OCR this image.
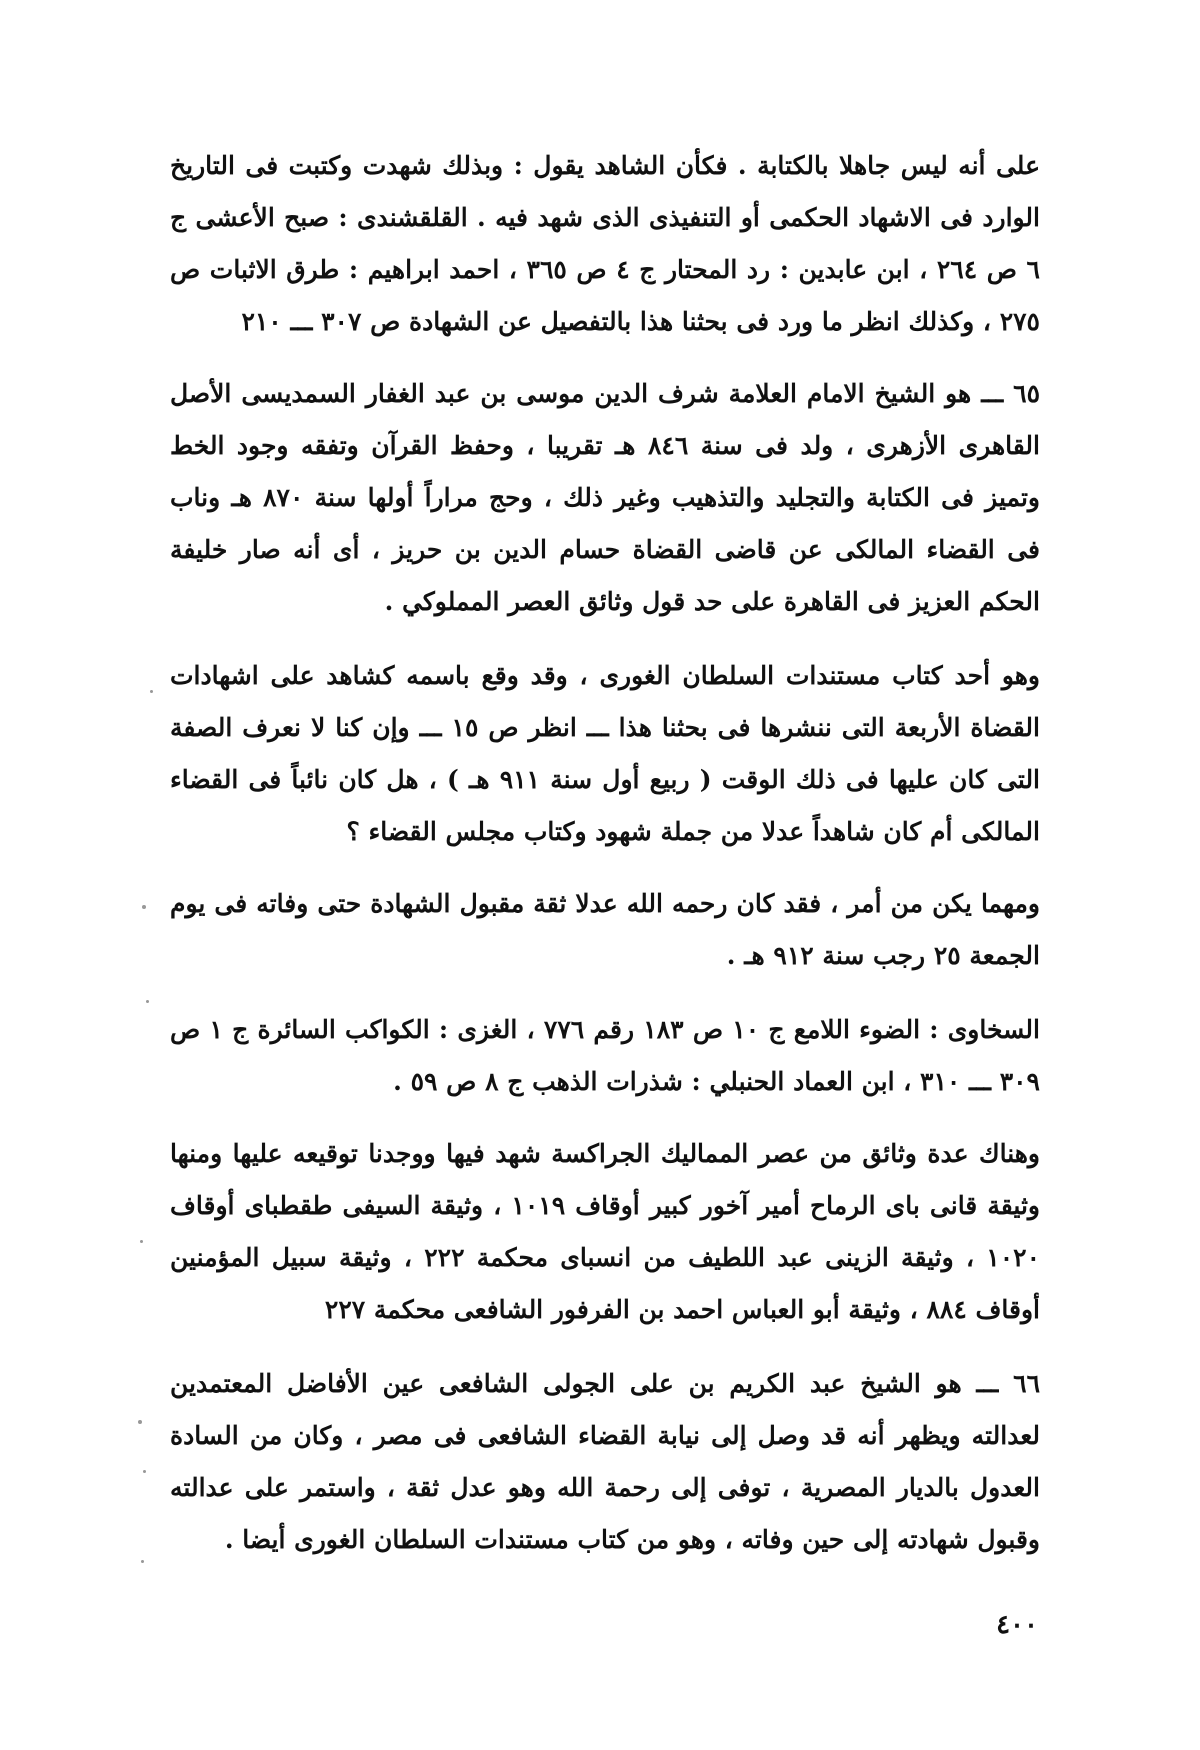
على أنه ليس جاهلا بالكتابة . فكأن الشاهد يقول : وبذلك شهدت وكتبت فى التاريخ الوارد فى الاشهاد الحكمى أو التنفيذى الذى شهد فيه . القلقشندى : صبح الأعشى ج ٦ ص ٢٦٤ ، ابن عابدين : رد المحتار ج ٤ ص ٣٦٥ ، احمد ابراهيم : طرق الاثبات ص ٢٧٥ ، وكذلك انظر ما ورد فى بحثنا هذا بالتفصيل عن الشهادة ص ٣٠٧ ـــ ٢١٠

٦٥ ـــ هو الشيخ الامام العلامة شرف الدين موسى بن عبد الغفار السمديسى الأصل القاهرى الأزهرى ، ولد فى سنة ٨٤٦ هـ تقريبا ، وحفظ القرآن وتفقه وجود الخط وتميز فى الكتابة والتجليد والتذهيب وغير ذلك ، وحج مراراً أولها سنة ٨٧٠ هـ وناب فى القضاء المالكى عن قاضى القضاة حسام الدين بن حريز ، أى أنه صار خليفة الحكم العزيز فى القاهرة على حد قول وثائق العصر المملوكي .

وهو أحد كتاب مستندات السلطان الغورى ، وقد وقع باسمه كشاهد على اشهادات القضاة الأربعة التى ننشرها فى بحثنا هذا ـــ انظر ص ١٥ ـــ وإن كنا لا نعرف الصفة التى كان عليها فى ذلك الوقت ( ربيع أول سنة ٩١١ هـ ) ، هل كان نائباً فى القضاء المالكى أم كان شاهداً عدلا من جملة شهود وكتاب مجلس القضاء ؟

ومهما يكن من أمر ، فقد كان رحمه الله عدلا ثقة مقبول الشهادة حتى وفاته فى يوم الجمعة ٢٥ رجب سنة ٩١٢ هـ .

السخاوى : الضوء اللامع ج ١٠ ص ١٨٣ رقم ٧٧٦ ، الغزى : الكواكب السائرة ج ١ ص ٣٠٩ ـــ ٣١٠ ، ابن العماد الحنبلي : شذرات الذهب ج ٨ ص ٥٩ .

وهناك عدة وثائق من عصر المماليك الجراكسة شهد فيها ووجدنا توقيعه عليها ومنها وثيقة قانى باى الرماح أمير آخور كبير أوقاف ١٠١٩ ، وثيقة السيفى طقطباى أوقاف ١٠٢٠ ، وثيقة الزينى عبد اللطيف من انسباى محكمة ٢٢٢ ، وثيقة سبيل المؤمنين أوقاف ٨٨٤ ، وثيقة أبو العباس احمد بن الفرفور الشافعى محكمة ٢٢٧

٦٦ ـــ هو الشيخ عبد الكريم بن على الجولى الشافعى عين الأفاضل المعتمدين لعدالته ويظهر أنه قد وصل إلى نيابة القضاء الشافعى فى مصر ، وكان من السادة العدول بالديار المصرية ، توفى إلى رحمة الله وهو عدل ثقة ، واستمر على عدالته وقبول شهادته إلى حين وفاته ، وهو من كتاب مستندات السلطان الغورى أيضا .

٤٠٠
